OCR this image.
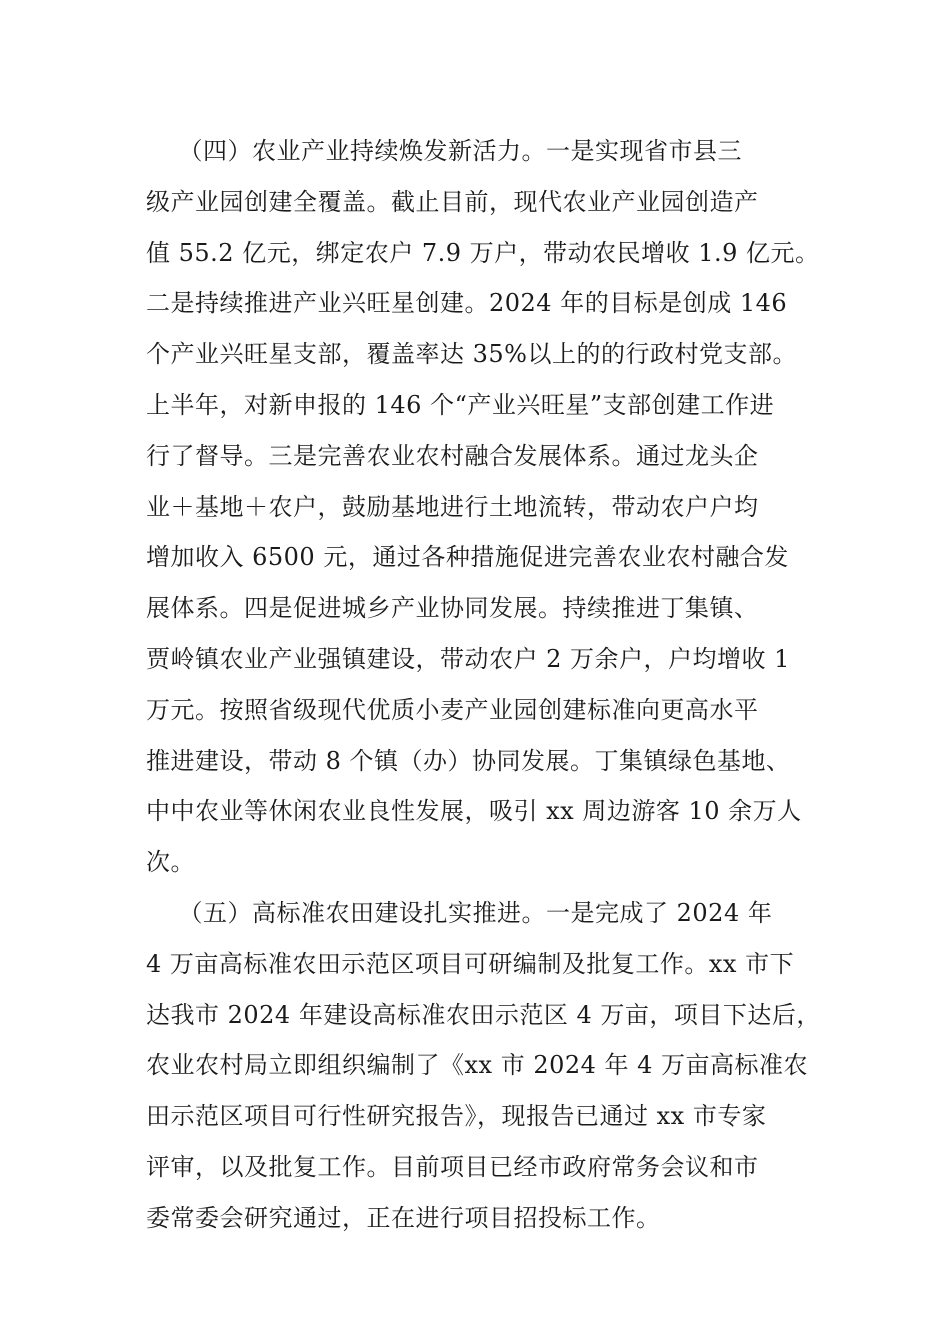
（四）农业产业持续焕发新活力。一是实现省市县三
级产业园创建全覆盖。截止目前，现代农业产业园创造产
值 55.2 亿元，绑定农户 7.9 万户，带动农民增收 1.9 亿元。
二是持续推进产业兴旺星创建。2024 年的目标是创成 146
个产业兴旺星支部，覆盖率达 35%以上的的行政村党支部。
上半年，对新申报的 146 个“产业兴旺星”支部创建工作进
行了督导。三是完善农业农村融合发展体系。通过龙头企
业＋基地＋农户，鼓励基地进行土地流转，带动农户户均
增加收入 6500 元，通过各种措施促进完善农业农村融合发
展体系。四是促进城乡产业协同发展。持续推进丁集镇、
贾岭镇农业产业强镇建设，带动农户 2 万余户，户均增收 1
万元。按照省级现代优质小麦产业园创建标准向更高水平
推进建设，带动 8 个镇（办）协同发展。丁集镇绿色基地、
中中农业等休闲农业良性发展，吸引 xx 周边游客 10 余万人
次。
（五）高标准农田建设扎实推进。一是完成了 2024 年
4 万亩高标准农田示范区项目可研编制及批复工作。xx 市下
达我市 2024 年建设高标准农田示范区 4 万亩，项目下达后，
农业农村局立即组织编制了《xx 市 2024 年 4 万亩高标准农
田示范区项目可行性研究报告》，现报告已通过 xx 市专家
评审，以及批复工作。目前项目已经市政府常务会议和市
委常委会研究通过，正在进行项目招投标工作。
